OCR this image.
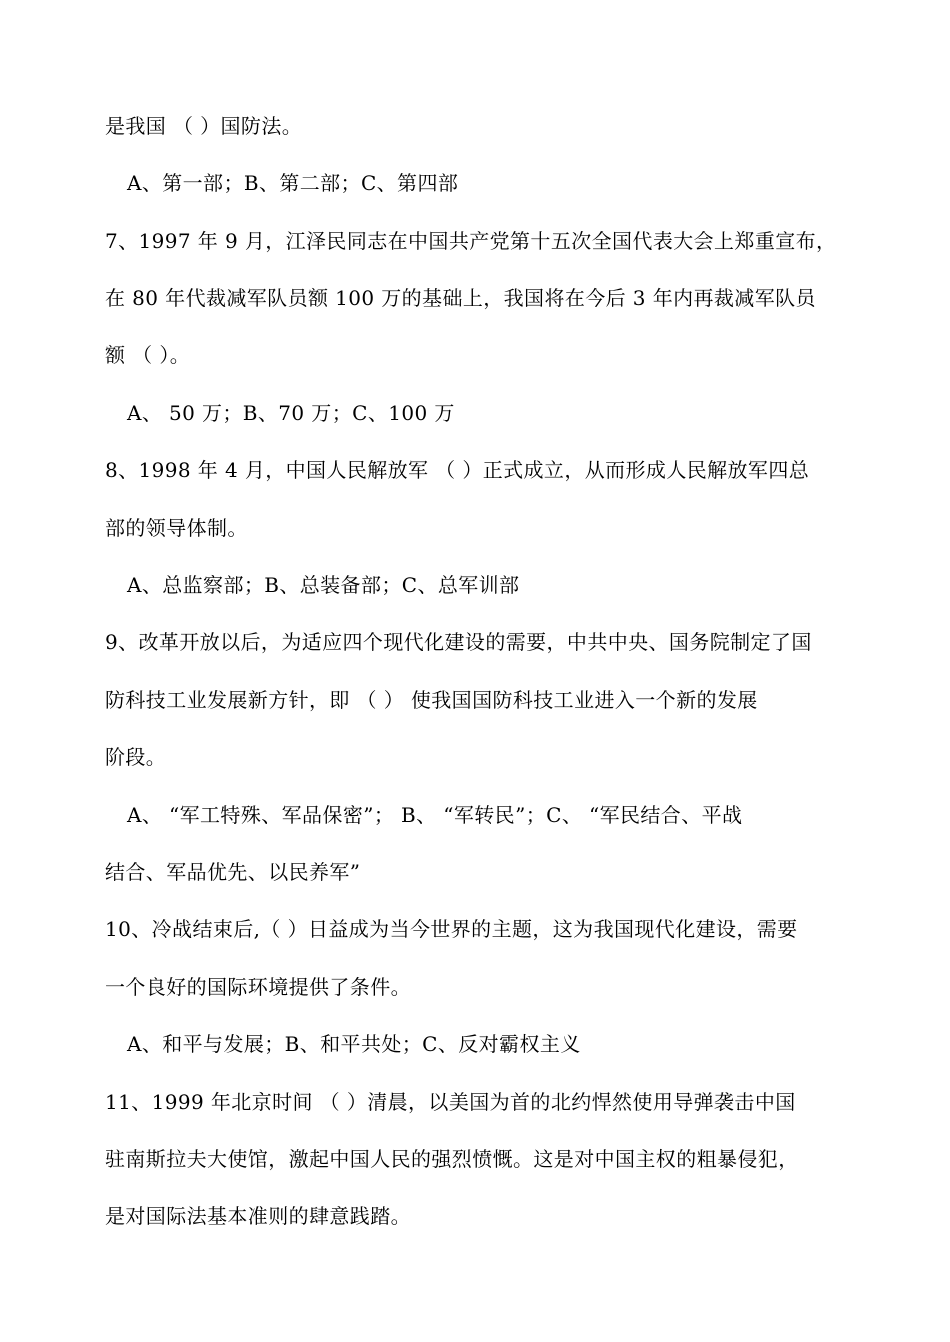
是我国 （ ）国防法。
A、第一部；B、第二部；C、第四部
7、1997 年 9 月，江泽民同志在中国共产党第十五次全国代表大会上郑重宣布，
在 80 年代裁减军队员额 100 万的基础上，我国将在今后 3 年内再裁减军队员
额 （ ）。
A、 50 万；B、70 万；C、100 万
8、1998 年 4 月，中国人民解放军 （ ）正式成立，从而形成人民解放军四总
部的领导体制。
A、总监察部；B、总装备部；C、总军训部
9、改革开放以后，为适应四个现代化建设的需要，中共中央、国务院制定了国
防科技工业发展新方针，即 （ ） 使我国国防科技工业进入一个新的发展
阶段。
A、 “军工特殊、军品保密”； B、 “军转民”；C、 “军民结合、平战
结合、军品优先、以民养军”
10、冷战结束后,（ ）日益成为当今世界的主题，这为我国现代化建设，需要
一个良好的国际环境提供了条件。
A、和平与发展；B、和平共处；C、反对霸权主义
11、1999 年北京时间 （ ）清晨，以美国为首的北约悍然使用导弹袭击中国
驻南斯拉夫大使馆，激起中国人民的强烈愤慨。这是对中国主权的粗暴侵犯，
是对国际法基本准则的肆意践踏。
